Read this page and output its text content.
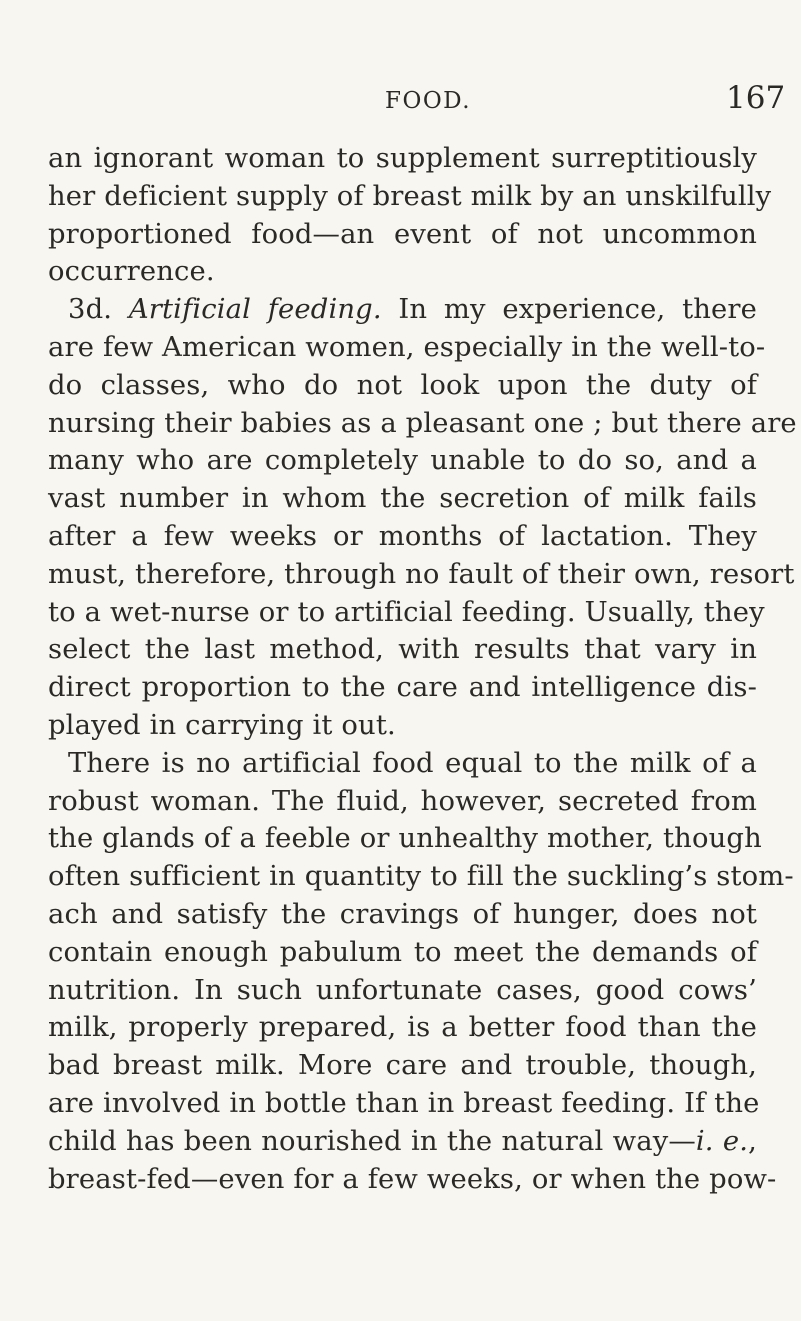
FOOD.	167
an ignorant woman to supplement surreptitiously
her deficient supply of breast milk by an unskilfully
proportioned food—an event of not uncommon
occurrence.
3d. Artificial feeding. In my experience, there
are few American women, especially in the well-to-
do classes, who do not look upon the duty of
nursing their babies as a pleasant one ; but there are
many who are completely unable to do so, and a
vast number in whom the secretion of milk fails
after a few weeks or months of lactation. They
must, therefore, through no fault of their own, resort
to a wet-nurse or to artificial feeding. Usually, they
select the last method, with results that vary in
direct proportion to the care and intelligence dis-
played in carrying it out.
There is no artificial food equal to the milk of a
robust woman. The fluid, however, secreted from
the glands of a feeble or unhealthy mother, though
often sufficient in quantity to fill the suckling’s stom-
ach and satisfy the cravings of hunger, does not
contain enough pabulum to meet the demands of
nutrition. In such unfortunate cases, good cows’
milk, properly prepared, is a better food than the
bad breast milk. More care and trouble, though,
are involved in bottle than in breast feeding. If the
child has been nourished in the natural way—i. e.,
breast-fed—even for a few weeks, or when the pow-
